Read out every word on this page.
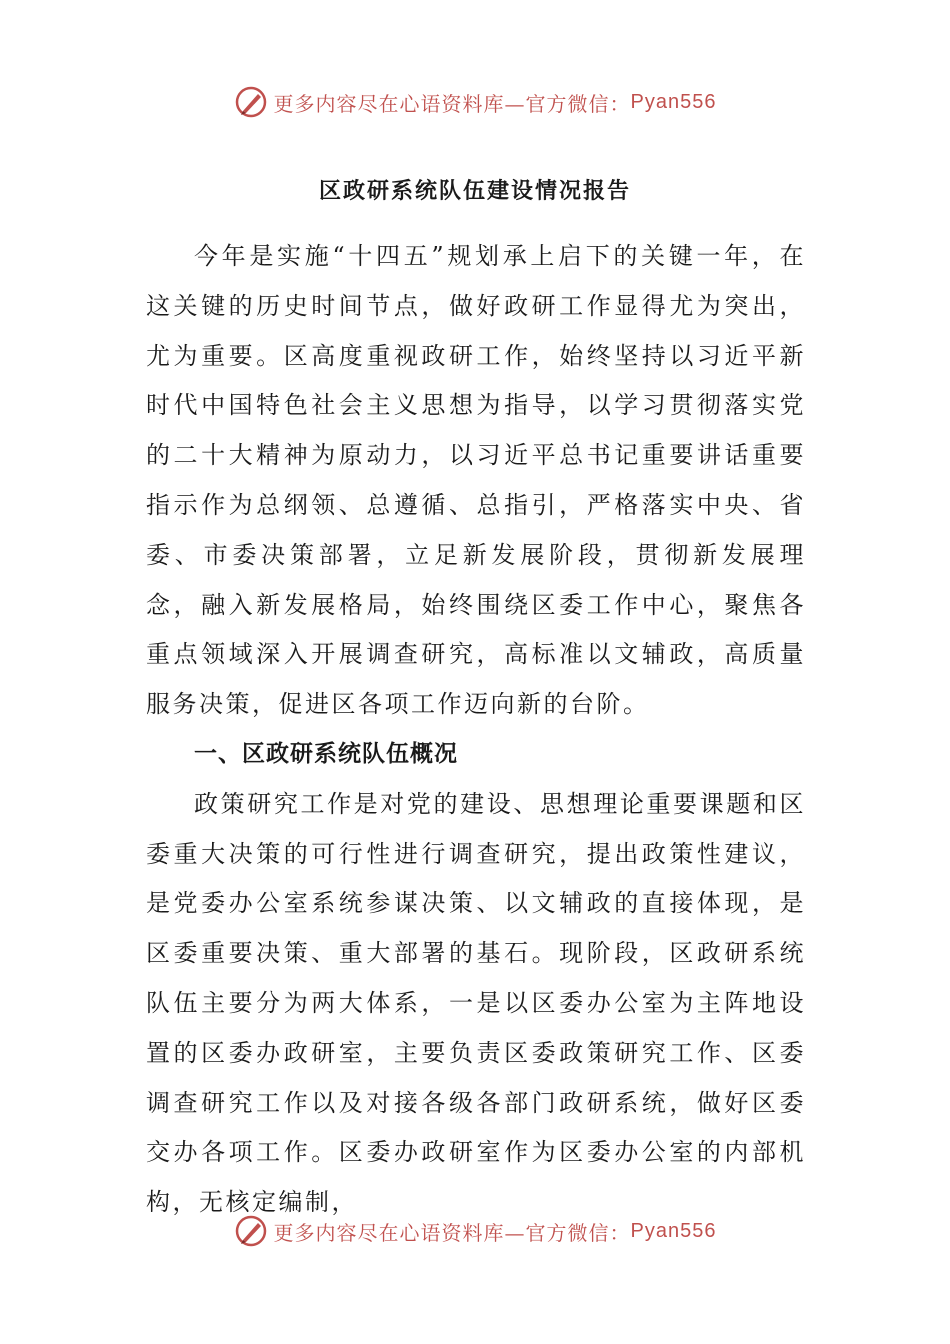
更多内容尽在心语资料库—官方微信： Pyan556
区政研系统队伍建设情况报告

今年是实施“十四五”规划承上启下的关键一年，在这关键的历史时间节点，做好政研工作显得尤为突出，尤为重要。区高度重视政研工作，始终坚持以习近平新时代中国特色社会主义思想为指导，以学习贯彻落实党的二十大精神为原动力，以习近平总书记重要讲话重要指示作为总纲领、总遵循、总指引，严格落实中央、省委、市委决策部署，立足新发展阶段，贯彻新发展理念，融入新发展格局，始终围绕区委工作中心，聚焦各重点领域深入开展调查研究，高标准以文辅政，高质量服务决策，促进区各项工作迈向新的台阶。

一、区政研系统队伍概况

政策研究工作是对党的建设、思想理论重要课题和区委重大决策的可行性进行调查研究，提出政策性建议，是党委办公室系统参谋决策、以文辅政的直接体现，是区委重要决策、重大部署的基石。现阶段，区政研系统队伍主要分为两大体系，一是以区委办公室为主阵地设置的区委办政研室，主要负责区委政策研究工作、区委调查研究工作以及对接各级各部门政研系统，做好区委交办各项工作。区委办政研室作为区委办公室的内部机构，无核定编制，

更多内容尽在心语资料库—官方微信： Pyan556
